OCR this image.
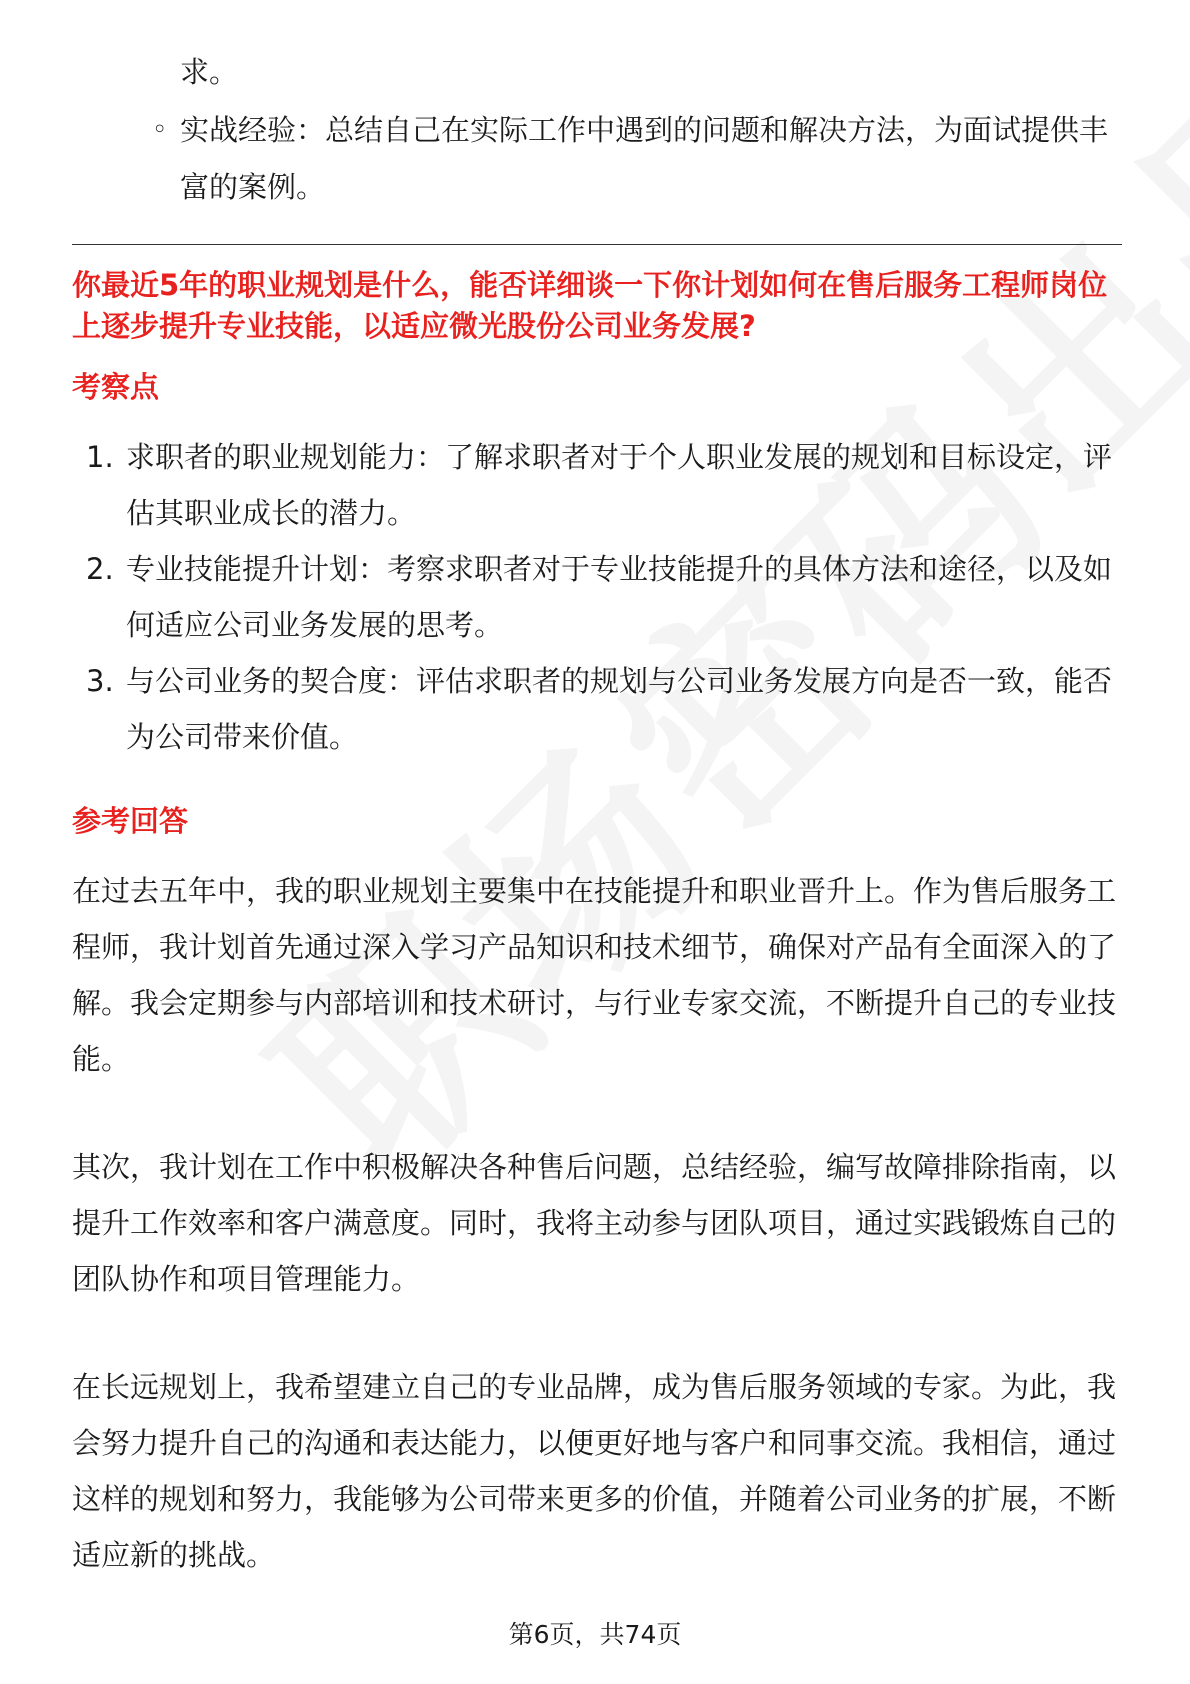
求。

◦ 实战经验：总结自己在实际工作中遇到的问题和解决方法，为面试提供丰
富的案例。
你最近5年的职业规划是什么，能否详细谈一下你计划如何在售后服务工程师岗位
上逐步提升专业技能，以适应微光股份公司业务发展?
考察点
1. 求职者的职业规划能力：了解求职者对于个人职业发展的规划和目标设定，评
估其职业成长的潜力。
2. 专业技能提升计划：考察求职者对于专业技能提升的具体方法和途径，以及如
何适应公司业务发展的思考。
3. 与公司业务的契合度：评估求职者的规划与公司业务发展方向是否一致，能否
为公司带来价值。
参考回答
在过去五年中，我的职业规划主要集中在技能提升和职业晋升上。作为售后服务工
程师，我计划首先通过深入学习产品知识和技术细节，确保对产品有全面深入的了
解。我会定期参与内部培训和技术研讨，与行业专家交流，不断提升自己的专业技
能。
其次，我计划在工作中积极解决各种售后问题，总结经验，编写故障排除指南，以
提升工作效率和客户满意度。同时，我将主动参与团队项目，通过实践锻炼自己的
团队协作和项目管理能力。
在长远规划上，我希望建立自己的专业品牌，成为售后服务领域的专家。为此，我
会努力提升自己的沟通和表达能力，以便更好地与客户和同事交流。我相信，通过
这样的规划和努力，我能够为公司带来更多的价值，并随着公司业务的扩展，不断
适应新的挑战。
第6页，共74页
